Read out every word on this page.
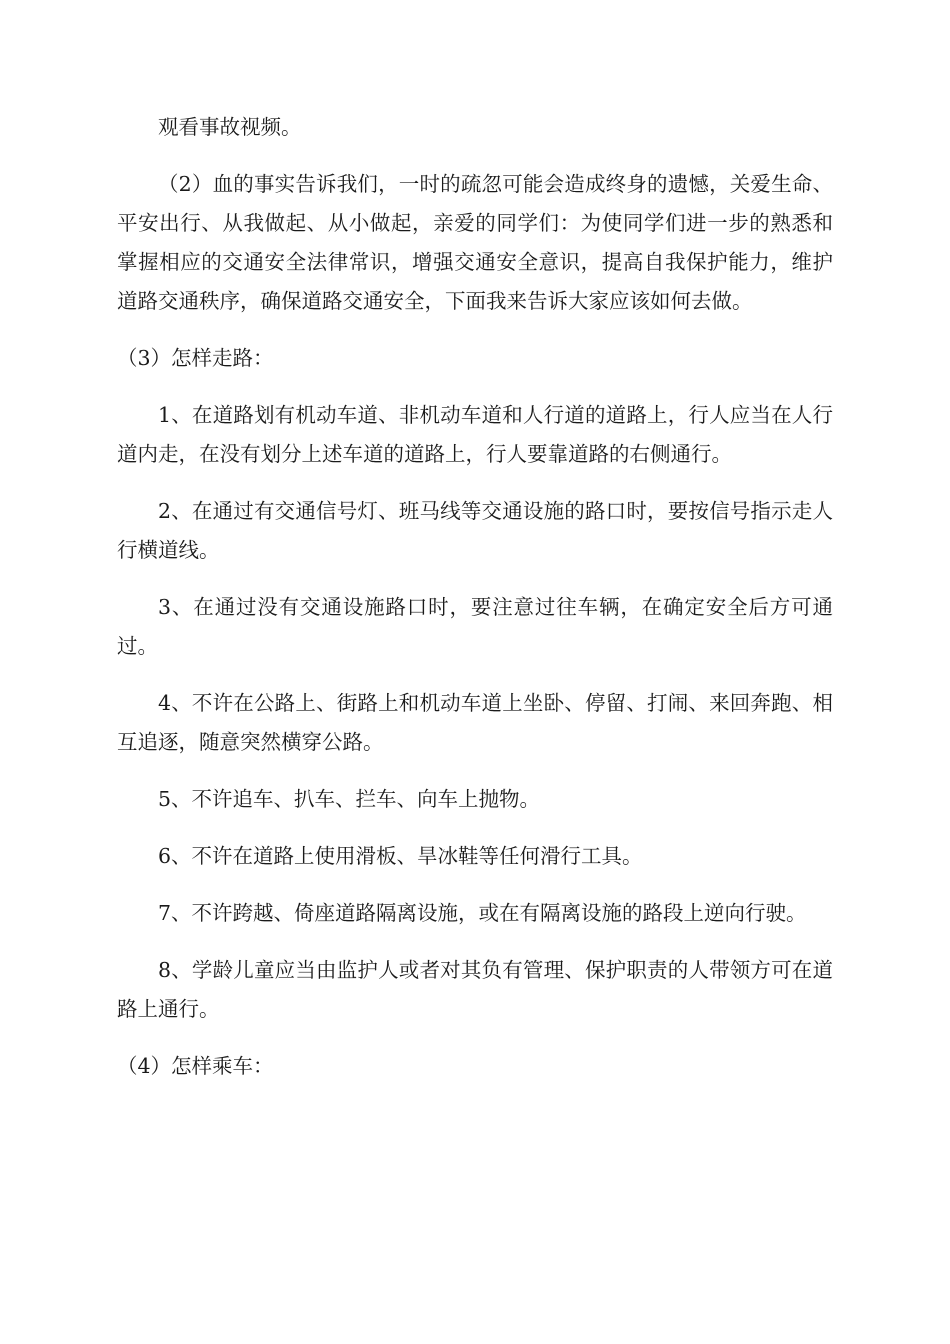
观看事故视频。

（2）血的事实告诉我们，一时的疏忽可能会造成终身的遗憾，关爱生命、平安出行、从我做起、从小做起，亲爱的同学们：为使同学们进一步的熟悉和掌握相应的交通安全法律常识，增强交通安全意识，提高自我保护能力，维护道路交通秩序，确保道路交通安全，下面我来告诉大家应该如何去做。

（3）怎样走路：

1、在道路划有机动车道、非机动车道和人行道的道路上，行人应当在人行道内走，在没有划分上述车道的道路上，行人要靠道路的右侧通行。

2、在通过有交通信号灯、班马线等交通设施的路口时，要按信号指示走人行横道线。

3、在通过没有交通设施路口时，要注意过往车辆，在确定安全后方可通过。

4、不许在公路上、街路上和机动车道上坐卧、停留、打闹、来回奔跑、相互追逐，随意突然横穿公路。

5、不许追车、扒车、拦车、向车上抛物。

6、不许在道路上使用滑板、旱冰鞋等任何滑行工具。

7、不许跨越、倚座道路隔离设施，或在有隔离设施的路段上逆向行驶。

8、学龄儿童应当由监护人或者对其负有管理、保护职责的人带领方可在道路上通行。

（4）怎样乘车：
